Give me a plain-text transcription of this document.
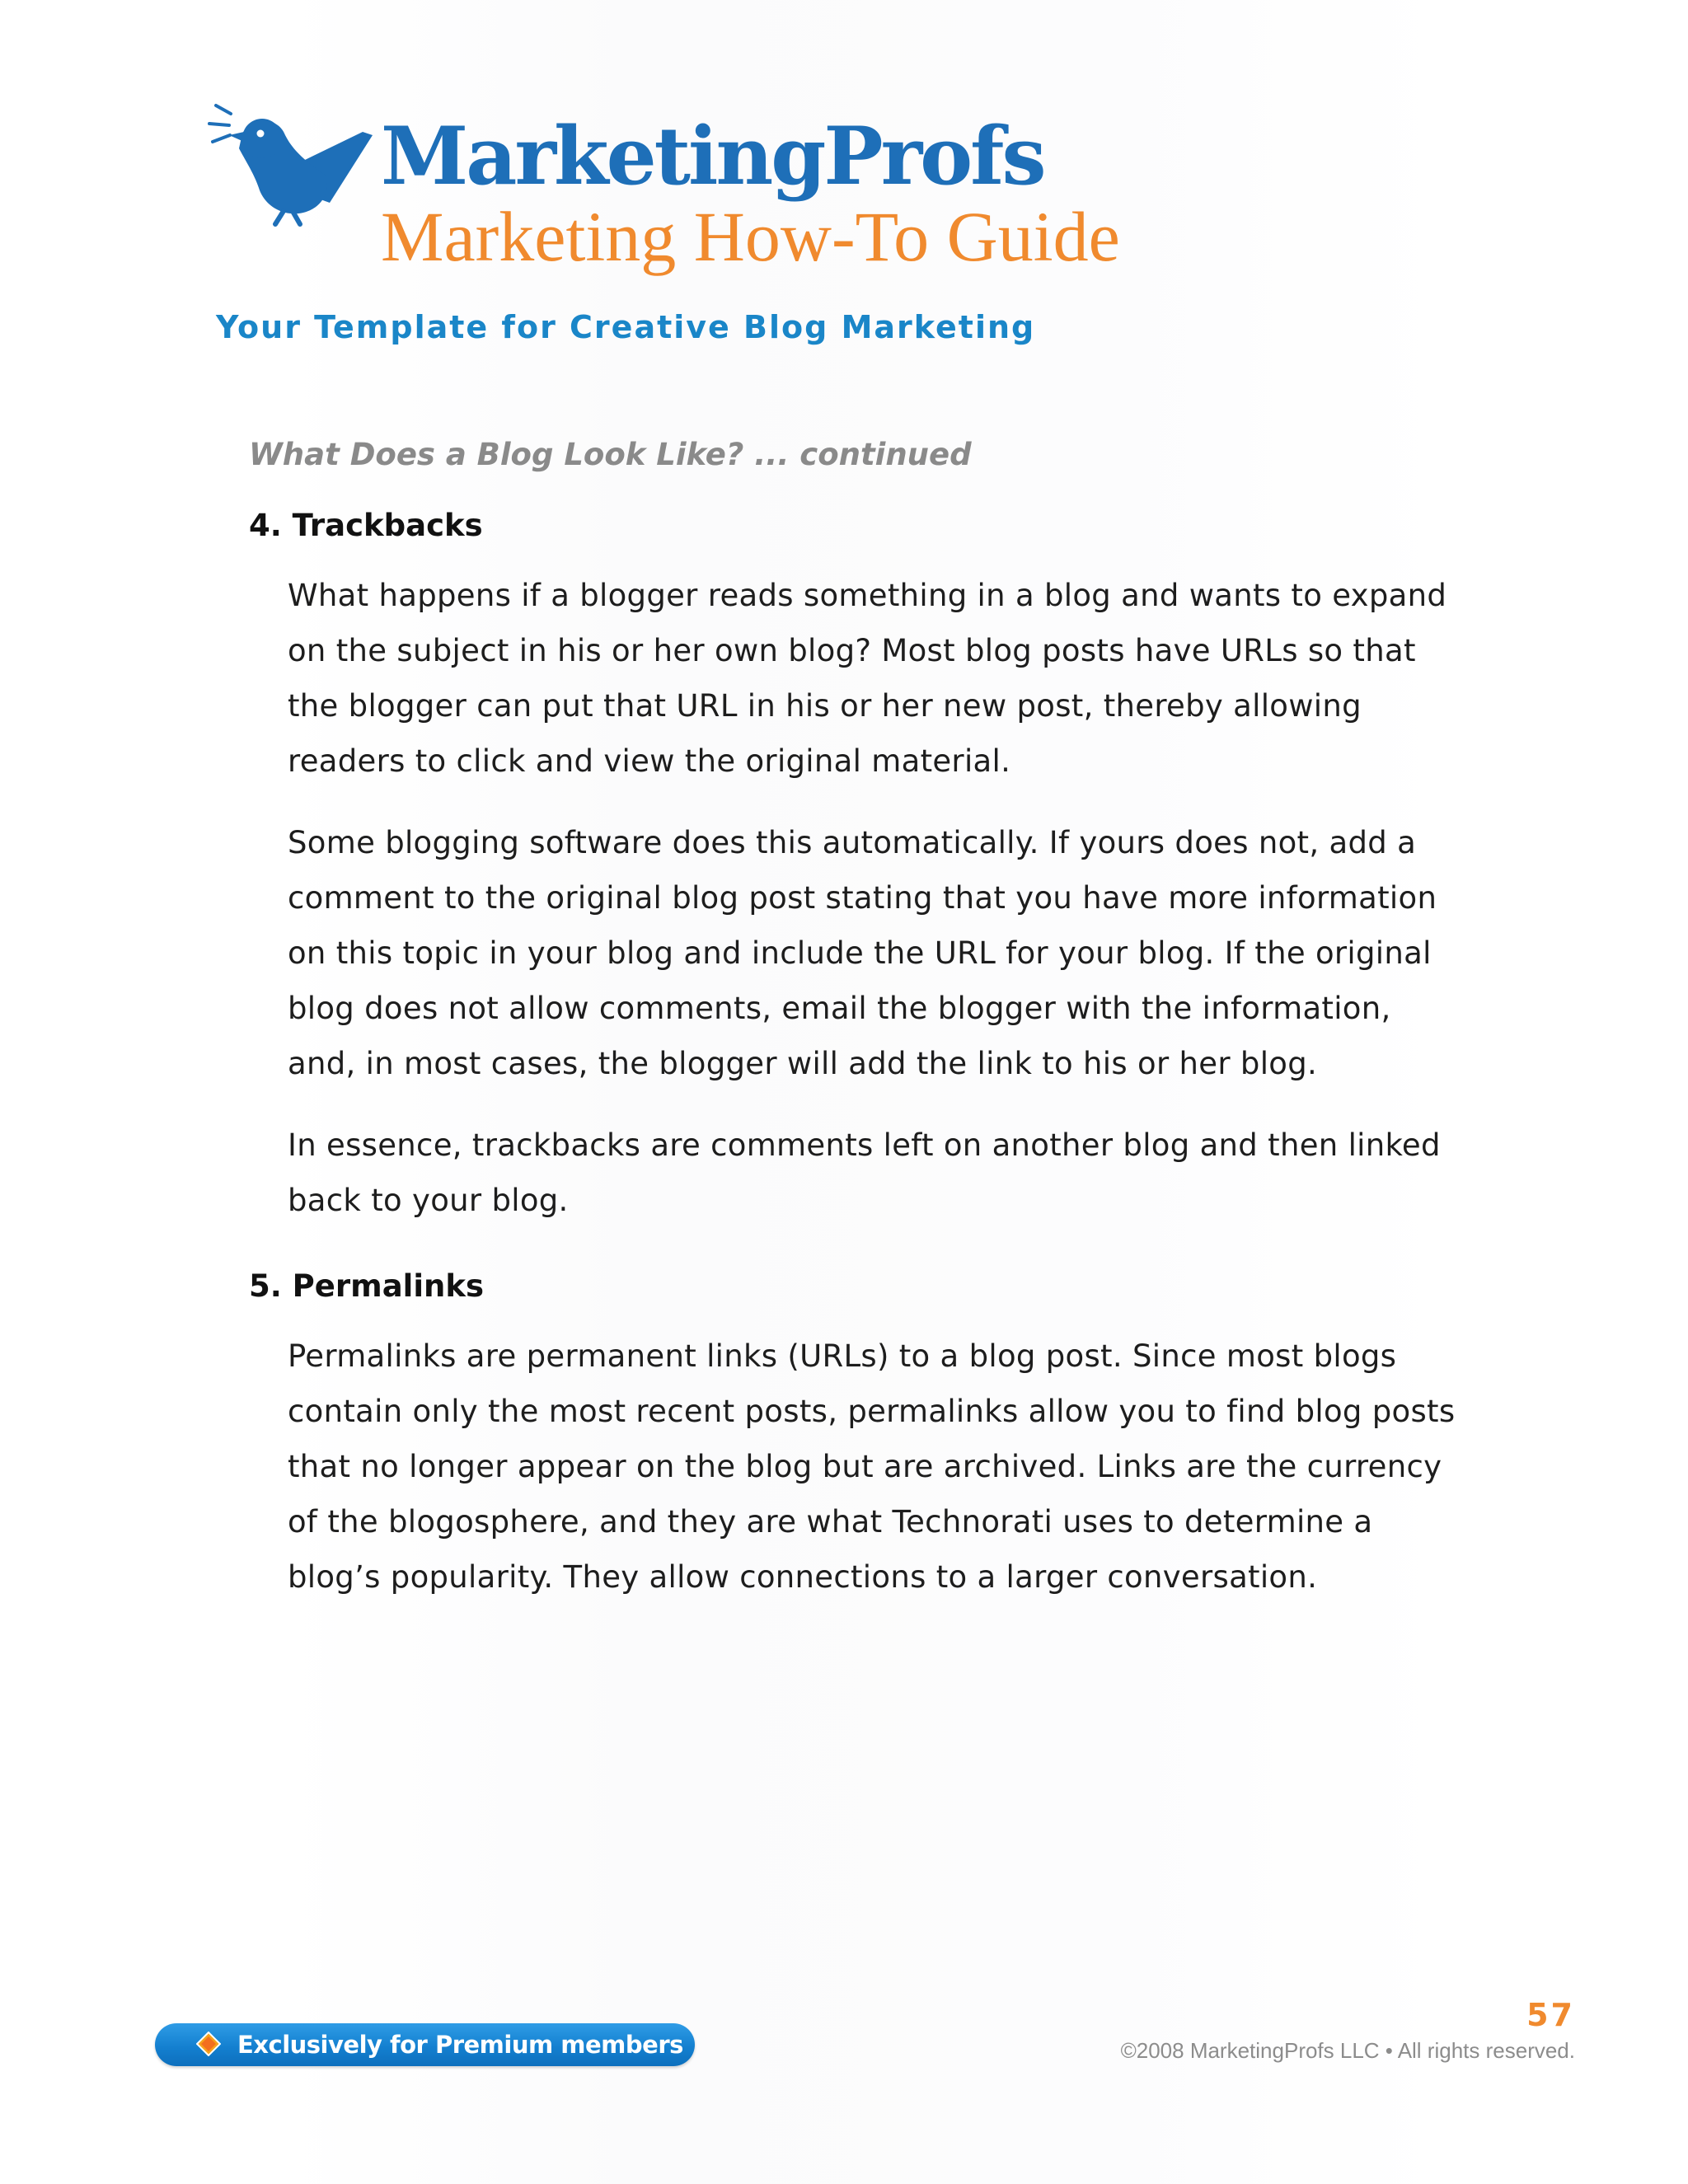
MarketingProfs
Marketing How-To Guide
Your Template for Creative Blog Marketing
What Does a Blog Look Like? ... continued
4. Trackbacks

What happens if a blogger reads something in a blog and wants to expand
on the subject in his or her own blog? Most blog posts have URLs so that
the blogger can put that URL in his or her new post, thereby allowing
readers to click and view the original material.

Some blogging software does this automatically. If yours does not, add a
comment to the original blog post stating that you have more information
on this topic in your blog and include the URL for your blog. If the original
blog does not allow comments, email the blogger with the information,
and, in most cases, the blogger will add the link to his or her blog.

In essence, trackbacks are comments left on another blog and then linked
back to your blog.

5. Permalinks

Permalinks are permanent links (URLs) to a blog post. Since most blogs
contain only the most recent posts, permalinks allow you to find blog posts
that no longer appear on the blog but are archived. Links are the currency
of the blogosphere, and they are what Technorati uses to determine a
blog’s popularity. They allow connections to a larger conversation.

Exclusively for Premium members
57
©2008 MarketingProfs LLC • All rights reserved.
